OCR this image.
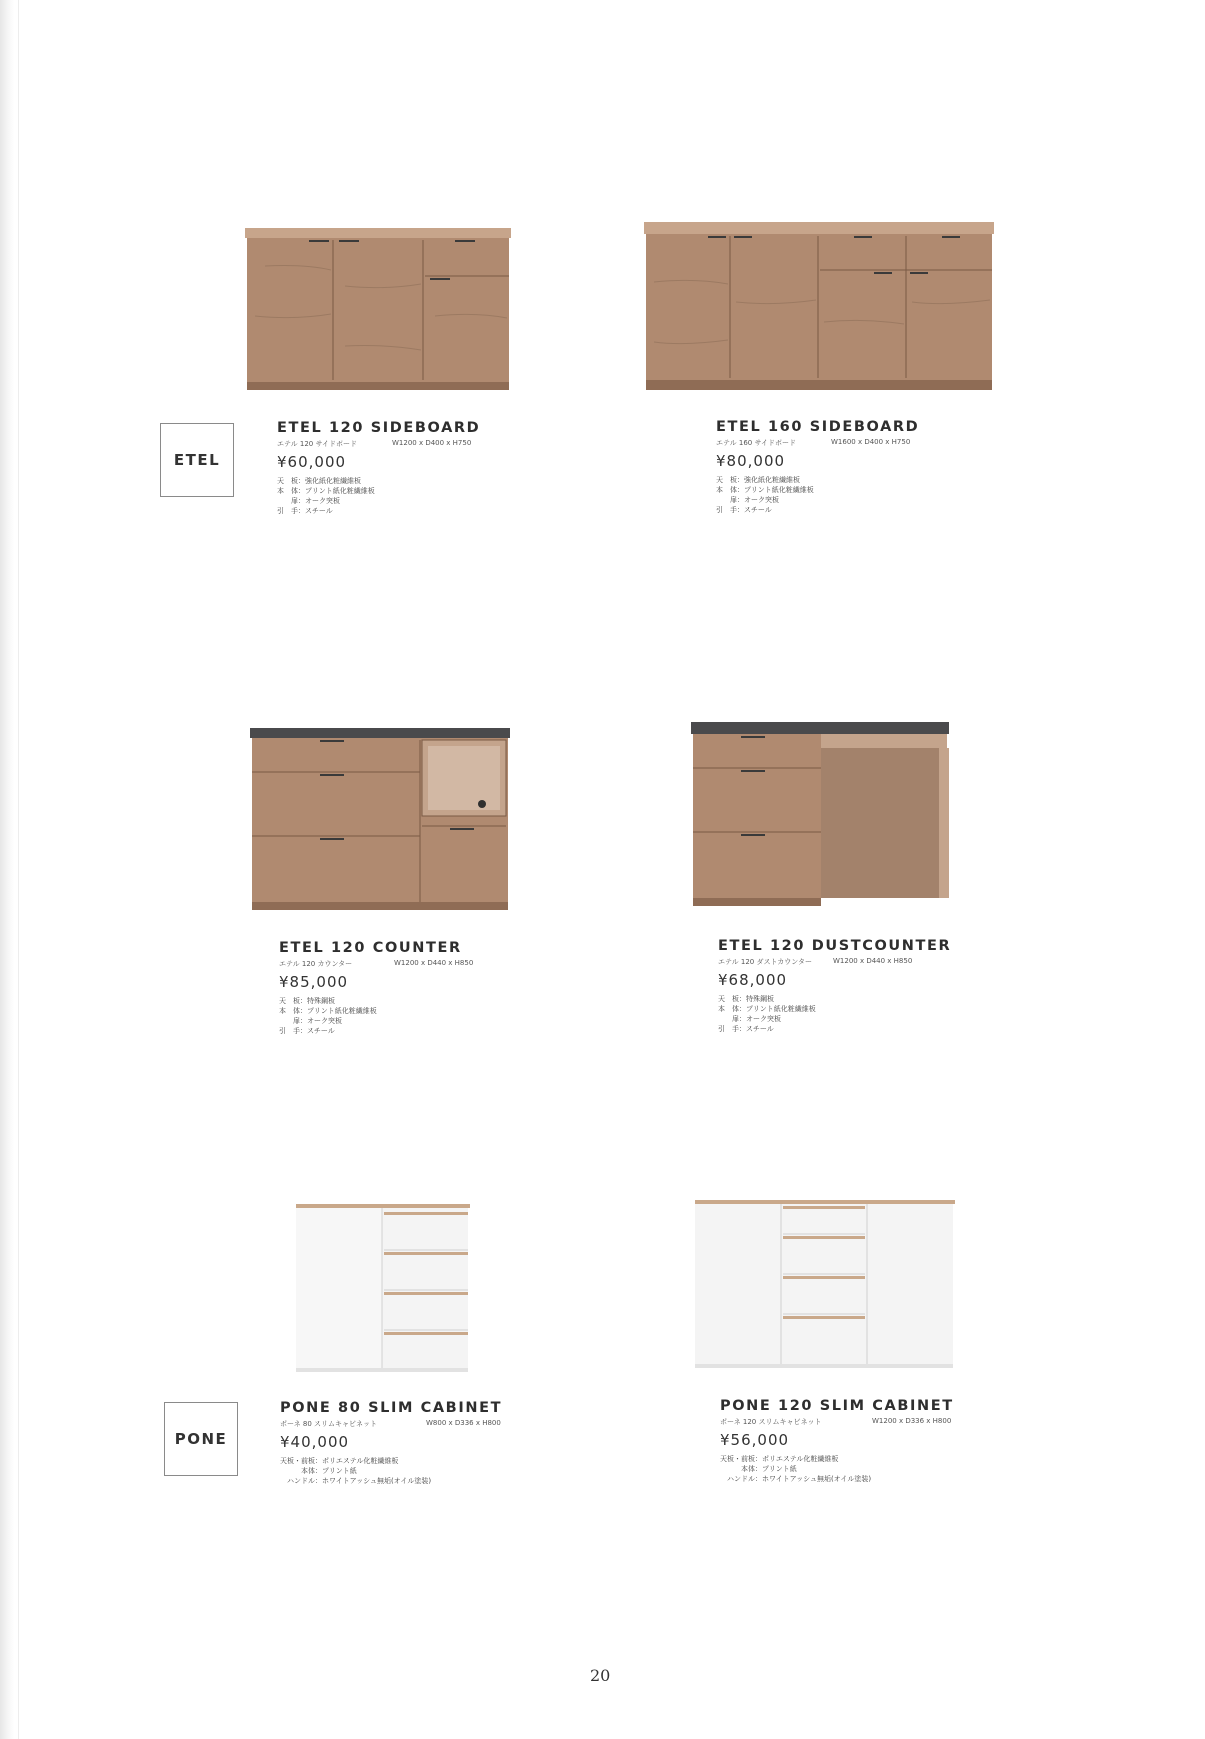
ETEL
ETEL 120 SIDEBOARD
エテル 120 サイドボード	W1200 x D400 x H750
¥60,000
天　板：強化紙化粧繊維板
本　体：プリント紙化粧繊維板
　　扉：オーク突板
引　手：スチール
ETEL 160 SIDEBOARD
エテル 160 サイドボード	W1600 x D400 x H750
¥80,000
天　板：強化紙化粧繊維板
本　体：プリント紙化粧繊維板
　　扉：オーク突板
引　手：スチール
ETEL 120 COUNTER
エテル 120 カウンター	W1200 x D440 x H850
¥85,000
天　板：特殊鋼板
本　体：プリント紙化粧繊維板
　　扉：オーク突板
引　手：スチール
ETEL 120 DUSTCOUNTER
エテル 120 ダストカウンター	W1200 x D440 x H850
¥68,000
天　板：特殊鋼板
本　体：プリント紙化粧繊維板
　　扉：オーク突板
引　手：スチール
PONE
PONE 80 SLIM CABINET
ポーネ 80 スリムキャビネット	W800 x D336 x H800
¥40,000
天板・前板：ポリエステル化粧繊維板
　　　本体：プリント紙
　ハンドル：ホワイトアッシュ無垢(オイル塗装)
PONE 120 SLIM CABINET
ポーネ 120 スリムキャビネット	W1200 x D336 x H800
¥56,000
天板・前板：ポリエステル化粧繊維板
　　　本体：プリント紙
　ハンドル：ホワイトアッシュ無垢(オイル塗装)
20
